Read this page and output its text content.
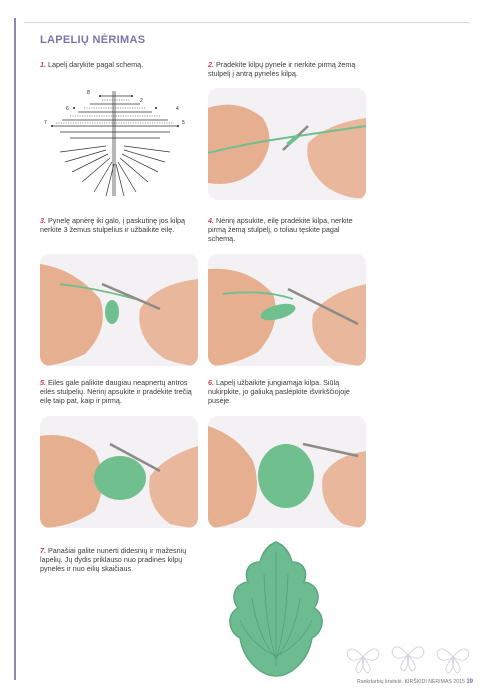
LAPELIŲ NĖRIMAS
1. Lapelį darykite pagal schemą.
8
2
6
7
4
5
2. Pradėkite kilpų pynele ir nerkite pirmą žemą stulpelį į antrą pynelės kilpą.
3. Pynelę apnėrę iki galo, į paskutinę jos kilpą nerkite 3 žemus stulpelius ir užbaikite eilę.
4. Nėrinį apsukite, eilę pradėkite kilpa, nerkite pirmą žemą stulpelį, o toliau tęskite pagal schemą.
5. Eilės gale palikite daugiau neapnertų antros eilės stulpelių. Nėrinį apsukite ir pradėkite trečią eilę taip pat, kaip ir pirmą.
6. Lapelį užbaikite jungiamąja kilpa. Siūlą nukirpkite, jo galiuką paslėpkite išvirkščiojoje pusėje.
7. Panašiai galite nunerti didesnių ir mažesnių lapelių. Jų dydis priklauso nuo pradinės kilpų pynelės ir nuo eilių skaičiaus.
Rankdarbių kraitelė. KIRŠKIDI NĖRIMAS 2015 39
